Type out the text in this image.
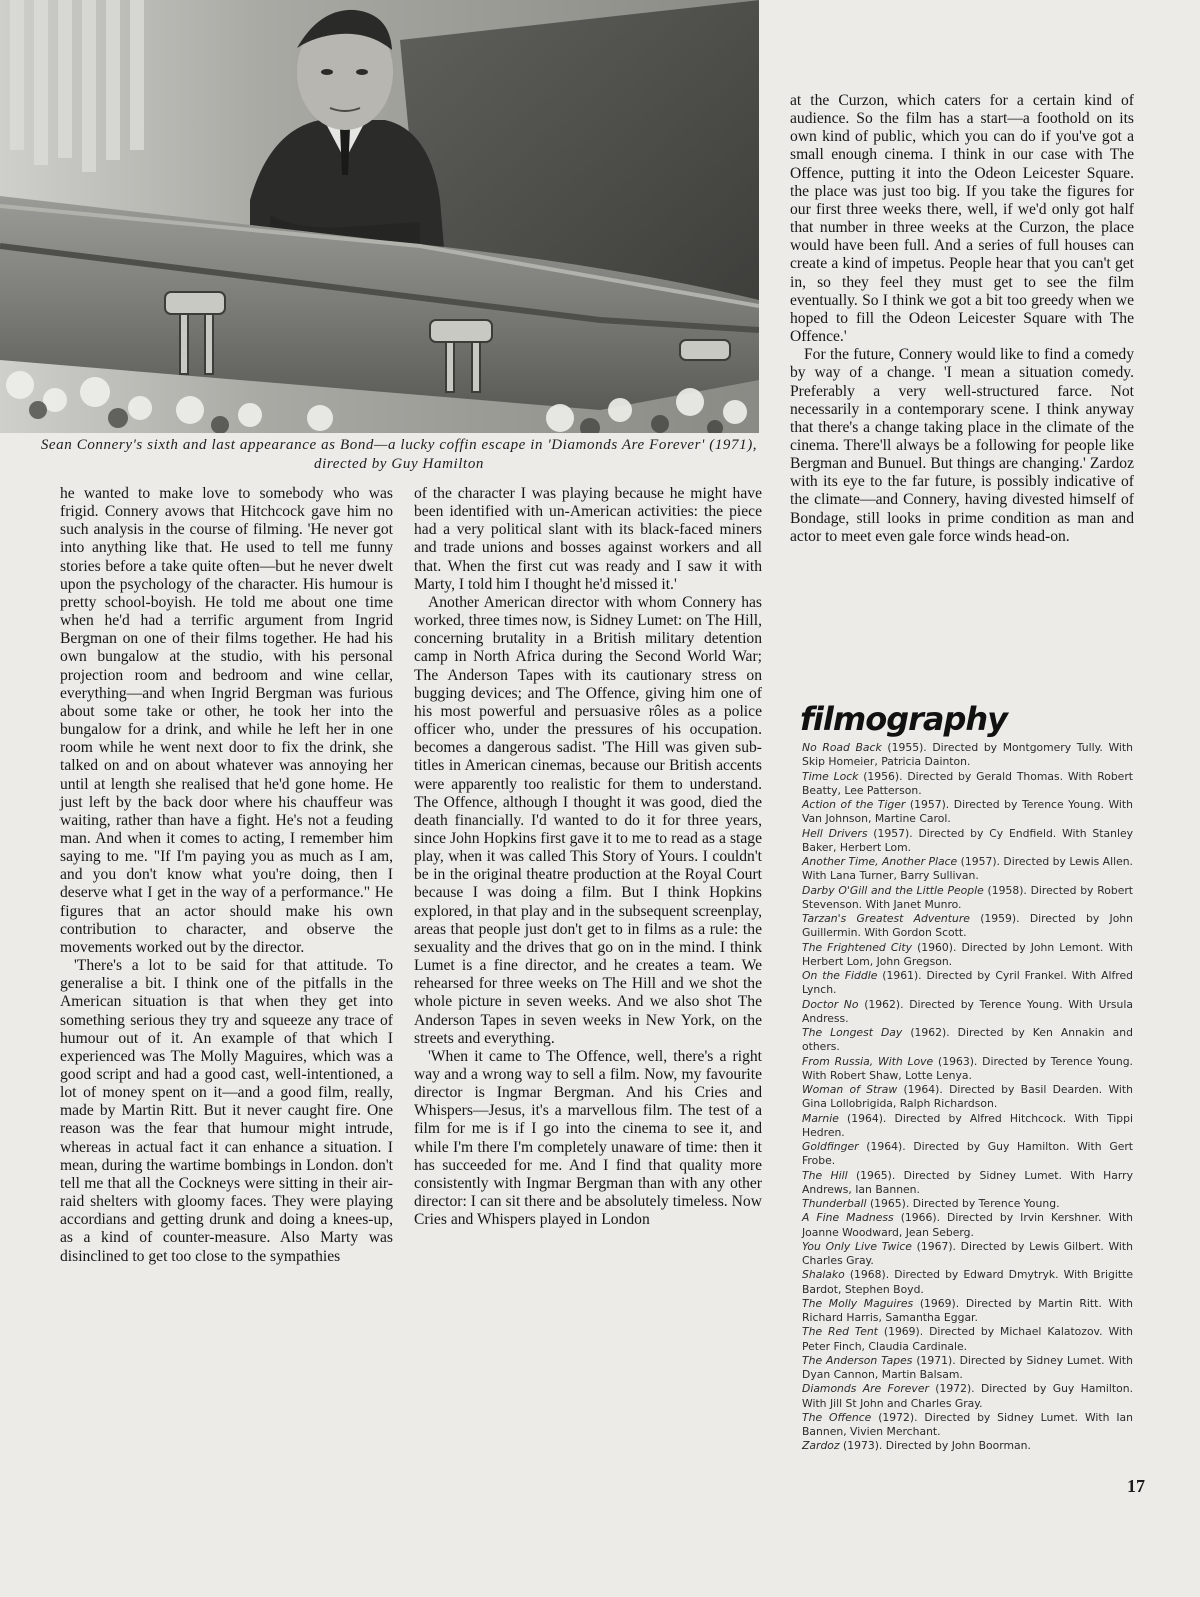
Sean Connery's sixth and last appearance as Bond—a lucky coffin escape in 'Diamonds Are Forever' (1971), directed by Guy Hamilton

he wanted to make love to somebody who was frigid. Connery avows that Hitchcock gave him no such analysis in the course of filming. 'He never got into anything like that. He used to tell me funny stories before a take quite often—but he never dwelt upon the psychology of the character. His humour is pretty school-boyish. He told me about one time when he'd had a terrific argument from Ingrid Bergman on one of their films together. He had his own bungalow at the studio, with his personal projection room and bedroom and wine cellar, everything—and when Ingrid Bergman was furious about some take or other, he took her into the bungalow for a drink, and while he left her in one room while he went next door to fix the drink, she talked on and on about whatever was annoying her until at length she realised that he'd gone home. He just left by the back door where his chauffeur was waiting, rather than have a fight. He's not a feuding man. And when it comes to acting, I remember him saying to me. "If I'm paying you as much as I am, and you don't know what you're doing, then I deserve what I get in the way of a performance." He figures that an actor should make his own contribution to character, and observe the movements worked out by the director.

'There's a lot to be said for that attitude. To generalise a bit. I think one of the pitfalls in the American situation is that when they get into something serious they try and squeeze any trace of humour out of it. An example of that which I experienced was The Molly Maguires, which was a good script and had a good cast, well-intentioned, a lot of money spent on it—and a good film, really, made by Martin Ritt. But it never caught fire. One reason was the fear that humour might intrude, whereas in actual fact it can enhance a situation. I mean, during the wartime bombings in London. don't tell me that all the Cockneys were sitting in their air-raid shelters with gloomy faces. They were playing accordians and getting drunk and doing a knees-up, as a kind of counter-measure. Also Marty was disinclined to get too close to the sympathies

of the character I was playing because he might have been identified with un-American activities: the piece had a very political slant with its black-faced miners and trade unions and bosses against workers and all that. When the first cut was ready and I saw it with Marty, I told him I thought he'd missed it.'

Another American director with whom Connery has worked, three times now, is Sidney Lumet: on The Hill, concerning brutality in a British military detention camp in North Africa during the Second World War; The Anderson Tapes with its cautionary stress on bugging devices; and The Offence, giving him one of his most powerful and persuasive rôles as a police officer who, under the pressures of his occupation. becomes a dangerous sadist. 'The Hill was given sub-titles in American cinemas, because our British accents were apparently too realistic for them to understand. The Offence, although I thought it was good, died the death financially. I'd wanted to do it for three years, since John Hopkins first gave it to me to read as a stage play, when it was called This Story of Yours. I couldn't be in the original theatre production at the Royal Court because I was doing a film. But I think Hopkins explored, in that play and in the subsequent screenplay, areas that people just don't get to in films as a rule: the sexuality and the drives that go on in the mind. I think Lumet is a fine director, and he creates a team. We rehearsed for three weeks on The Hill and we shot the whole picture in seven weeks. And we also shot The Anderson Tapes in seven weeks in New York, on the streets and everything.

'When it came to The Offence, well, there's a right way and a wrong way to sell a film. Now, my favourite director is Ingmar Bergman. And his Cries and Whispers—Jesus, it's a marvellous film. The test of a film for me is if I go into the cinema to see it, and while I'm there I'm completely unaware of time: then it has succeeded for me. And I find that quality more consistently with Ingmar Bergman than with any other director: I can sit there and be absolutely timeless. Now Cries and Whispers played in London

at the Curzon, which caters for a certain kind of audience. So the film has a start—a foothold on its own kind of public, which you can do if you've got a small enough cinema. I think in our case with The Offence, putting it into the Odeon Leicester Square. the place was just too big. If you take the figures for our first three weeks there, well, if we'd only got half that number in three weeks at the Curzon, the place would have been full. And a series of full houses can create a kind of impetus. People hear that you can't get in, so they feel they must get to see the film eventually. So I think we got a bit too greedy when we hoped to fill the Odeon Leicester Square with The Offence.'

For the future, Connery would like to find a comedy by way of a change. 'I mean a situation comedy. Preferably a very well-structured farce. Not necessarily in a contemporary scene. I think anyway that there's a change taking place in the climate of the cinema. There'll always be a following for people like Bergman and Bunuel. But things are changing.' Zardoz with its eye to the far future, is possibly indicative of the climate—and Connery, having divested himself of Bondage, still looks in prime condition as man and actor to meet even gale force winds head-on.

filmography
No Road Back (1955). Directed by Montgomery Tully. With Skip Homeier, Patricia Dainton.
Time Lock (1956). Directed by Gerald Thomas. With Robert Beatty, Lee Patterson.
Action of the Tiger (1957). Directed by Terence Young. With Van Johnson, Martine Carol.
Hell Drivers (1957). Directed by Cy Endfield. With Stanley Baker, Herbert Lom.
Another Time, Another Place (1957). Directed by Lewis Allen. With Lana Turner, Barry Sullivan.
Darby O'Gill and the Little People (1958). Directed by Robert Stevenson. With Janet Munro.
Tarzan's Greatest Adventure (1959). Directed by John Guillermin. With Gordon Scott.
The Frightened City (1960). Directed by John Lemont. With Herbert Lom, John Gregson.
On the Fiddle (1961). Directed by Cyril Frankel. With Alfred Lynch.
Doctor No (1962). Directed by Terence Young. With Ursula Andress.
The Longest Day (1962). Directed by Ken Annakin and others.
From Russia, With Love (1963). Directed by Terence Young. With Robert Shaw, Lotte Lenya.
Woman of Straw (1964). Directed by Basil Dearden. With Gina Lollobrigida, Ralph Richardson.
Marnie (1964). Directed by Alfred Hitchcock. With Tippi Hedren.
Goldfinger (1964). Directed by Guy Hamilton. With Gert Frobe.
The Hill (1965). Directed by Sidney Lumet. With Harry Andrews, Ian Bannen.
Thunderball (1965). Directed by Terence Young.
A Fine Madness (1966). Directed by Irvin Kershner. With Joanne Woodward, Jean Seberg.
You Only Live Twice (1967). Directed by Lewis Gilbert. With Charles Gray.
Shalako (1968). Directed by Edward Dmytryk. With Brigitte Bardot, Stephen Boyd.
The Molly Maguires (1969). Directed by Martin Ritt. With Richard Harris, Samantha Eggar.
The Red Tent (1969). Directed by Michael Kalatozov. With Peter Finch, Claudia Cardinale.
The Anderson Tapes (1971). Directed by Sidney Lumet. With Dyan Cannon, Martin Balsam.
Diamonds Are Forever (1972). Directed by Guy Hamilton. With Jill St John and Charles Gray.
The Offence (1972). Directed by Sidney Lumet. With Ian Bannen, Vivien Merchant.
Zardoz (1973). Directed by John Boorman.
17
